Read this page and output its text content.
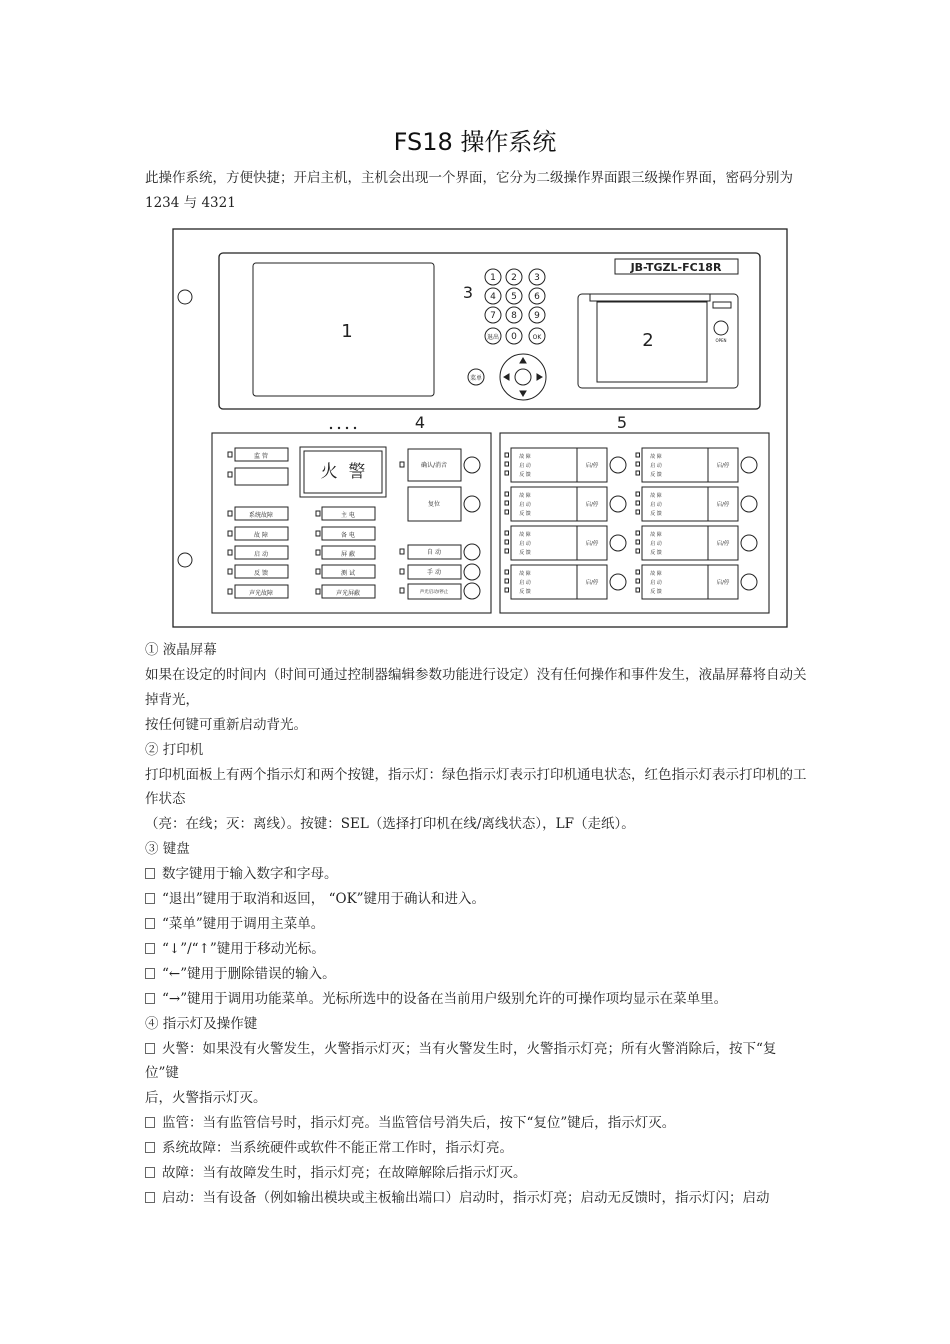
FS18 操作系统
此操作系统，方便快捷；开启主机，主机会出现一个界面，它分为二级操作界面跟三级操作界面，密码分别为1234 与 4321
1
3
1 2 3
4 5 6
7 8 9
退出 0	OK
菜单
JB-TGZL-FC18R
2	OPEN
4	5
火  警
监 管
系统故障
故 障
启 动
反 馈
声光故障
主 电
备 电
屏 蔽
测 试
声光屏蔽
确认/消音
复位
自 动
手 动
声光启动/停止
故 障
启 动
反 馈
启/停
故 障
启 动
反 馈
启/停
故 障
启 动
反 馈
启/停
故 障
启 动
反 馈
启/停
故 障
启 动
反 馈
启/停
故 障
启 动
反 馈
启/停
故 障
启 动
反 馈
启/停
故 障
启 动
反 馈
启/停

① 液晶屏幕

如果在设定的时间内（时间可通过控制器编辑参数功能进行设定）没有任何操作和事件发生，液晶屏幕将自动关掉背光，

按任何键可重新启动背光。

② 打印机

打印机面板上有两个指示灯和两个按键，指示灯：绿色指示灯表示打印机通电状态，红色指示灯表示打印机的工作状态

（亮：在线；灭：离线）。按键：SEL（选择打印机在线/离线状态），LF（走纸）。

③ 键盘

数字键用于输入数字和字母。

“退出”键用于取消和返回， “OK”键用于确认和进入。

“菜单”键用于调用主菜单。

“↓”/“↑”键用于移动光标。

“←”键用于删除错误的输入。

“→”键用于调用功能菜单。光标所选中的设备在当前用户级别允许的可操作项均显示在菜单里。

④ 指示灯及操作键

火警：如果没有火警发生，火警指示灯灭；当有火警发生时，火警指示灯亮；所有火警消除后，按下“复位”键

后，火警指示灯灭。

监管：当有监管信号时，指示灯亮。当监管信号消失后，按下“复位”键后，指示灯灭。

系统故障：当系统硬件或软件不能正常工作时，指示灯亮。

故障：当有故障发生时，指示灯亮；在故障解除后指示灯灭。

启动：当有设备（例如输出模块或主板输出端口）启动时，指示灯亮；启动无反馈时，指示灯闪；启动
